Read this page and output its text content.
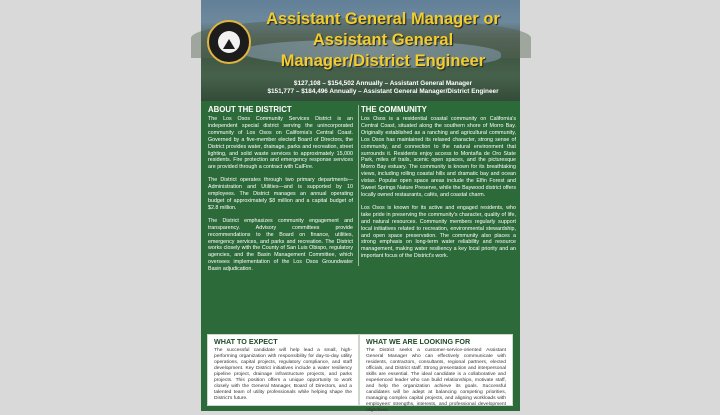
Assistant General Manager or Assistant General Manager/District Engineer
$127,108 – $154,502 Annually – Assistant General Manager
$151,777 – $184,496 Annually – Assistant General Manager/District Engineer
ABOUT THE DISTRICT

The Los Osos Community Services District is an independent special district serving the unincorporated community of Los Osos on California's Central Coast. Governed by a five-member elected Board of Directors, the District provides water, drainage, parks and recreation, street lighting, and solid waste services to approximately 15,000 residents. Fire protection and emergency response services are provided through a contract with CalFire.

The District operates through two primary departments—Administration and Utilities—and is supported by 10 employees. The District manages an annual operating budget of approximately $8 million and a capital budget of $2.8 million.

The District emphasizes community engagement and transparency. Advisory committees provide recommendations to the Board on finance, utilities, emergency services, and parks and recreation. The District works closely with the County of San Luis Obispo, regulatory agencies, and the Basin Management Committee, which oversees implementation of the Los Osos Groundwater Basin adjudication.

THE COMMUNITY

Los Osos is a residential coastal community on California's Central Coast, situated along the southern shore of Morro Bay. Originally established as a ranching and agricultural community, Los Osos has maintained its relaxed character, strong sense of community, and connection to the natural environment that surrounds it. Residents enjoy access to Montaña de Oro State Park, miles of trails, scenic open spaces, and the picturesque Morro Bay estuary. The community is known for its breathtaking views, including rolling coastal hills and dramatic bay and ocean vistas. Popular open space areas include the Elfin Forest and Sweet Springs Nature Preserve, while the Baywood district offers locally owned restaurants, cafés, and coastal charm.

Los Osos is known for its active and engaged residents, who take pride in preserving the community's character, quality of life, and natural resources. Community members regularly support local initiatives related to recreation, environmental stewardship, and open space preservation. The community also places a strong emphasis on long-term water reliability and resource management, making water resiliency a key local priority and an important focus of the District's work.

WHAT TO EXPECT

The successful candidate will help lead a small, high-performing organization with responsibility for day-to-day utility operations, capital projects, regulatory compliance, and staff development. Key District initiatives include a water resiliency pipeline project, drainage infrastructure projects, and parks projects. This position offers a unique opportunity to work closely with the General Manager, Board of Directors, and a talented team of utility professionals while helping shape the District's future.

WHAT WE ARE LOOKING FOR

The District seeks a customer-service-oriented Assistant General Manager who can effectively communicate with residents, contractors, consultants, regional partners, elected officials, and District staff. Strong presentation and interpersonal skills are essential. The ideal candidate is a collaborative and experienced leader who can build relationships, motivate staff, and help the organization achieve its goals. Successful candidates will be adept at balancing competing priorities, managing complex capital projects, and aligning workloads with employees' strengths, interests, and professional development objectives.
